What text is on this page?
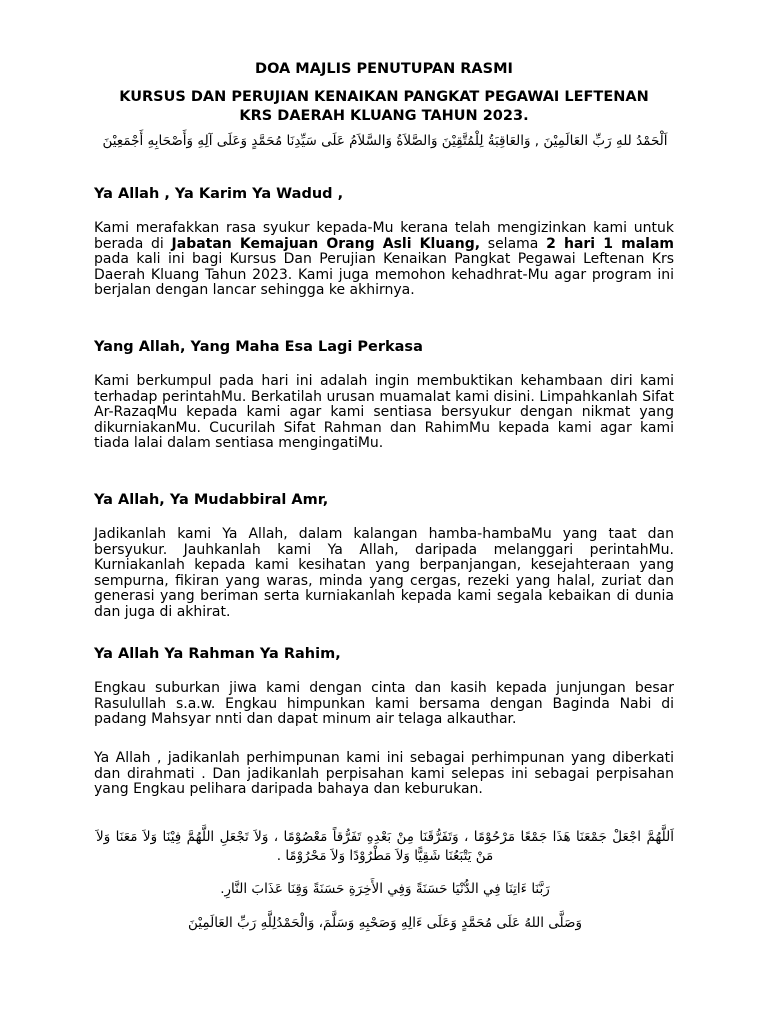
DOA MAJLIS PENUTUPAN RASMI

KURSUS DAN PERUJIAN KENAIKAN PANGKAT PEGAWAI LEFTENAN

KRS DAERAH KLUANG TAHUN 2023.

اَلْحَمْدُ للهِ رَبِّ العَالَمِيْنَ , وَالعَاقِبَةُ لِلْمُتَّقِيْنَ وَالصَّلاَةُ وَالسَّلاَمُ عَلَى سَيِّدِنَا مُحَمَّدٍ وَعَلَى آلِهِ وَأَصْحَابِهِ أَجْمَعِيْنَ

Ya Allah , Ya Karim Ya Wadud ,

Kami merafakkan rasa syukur kepada-Mu kerana telah mengizinkan kami untuk berada di Jabatan Kemajuan Orang Asli Kluang, selama 2 hari 1 malam pada kali ini bagi Kursus Dan Perujian Kenaikan Pangkat Pegawai Leftenan Krs Daerah Kluang Tahun 2023. Kami juga memohon kehadhrat-Mu agar program ini berjalan dengan lancar sehingga ke akhirnya.

Yang Allah, Yang Maha Esa Lagi Perkasa

Kami berkumpul pada hari ini adalah ingin membuktikan kehambaan diri kami terhadap perintahMu. Berkatilah urusan muamalat kami disini. Limpahkanlah Sifat Ar-RazaqMu kepada kami agar kami sentiasa bersyukur dengan nikmat yang dikurniakanMu. Cucurilah Sifat Rahman dan RahimMu kepada kami agar kami tiada lalai dalam sentiasa mengingatiMu.

Ya Allah, Ya Mudabbiral Amr,

Jadikanlah kami Ya Allah, dalam kalangan hamba-hambaMu yang taat dan bersyukur. Jauhkanlah kami Ya Allah, daripada melanggari perintahMu. Kurniakanlah kepada kami kesihatan yang berpanjangan, kesejahteraan yang sempurna, fikiran yang waras, minda yang cergas, rezeki yang halal, zuriat dan generasi yang beriman serta kurniakanlah kepada kami segala kebaikan di dunia dan juga di akhirat.

Ya Allah Ya Rahman Ya Rahim,

Engkau suburkan jiwa kami dengan cinta dan kasih kepada junjungan besar Rasulullah s.a.w. Engkau himpunkan kami bersama dengan Baginda Nabi di padang Mahsyar nnti dan dapat minum air telaga alkauthar.

Ya Allah , jadikanlah perhimpunan kami ini sebagai perhimpunan yang diberkati dan dirahmati . Dan jadikanlah perpisahan kami selepas ini sebagai perpisahan yang Engkau pelihara daripada bahaya dan keburukan.

اَللَّهُمَّ اجْعَلْ جَمْعَنَا هَذَا جَمْعًا مَرْحُوْمًا ، وَتَفَرُّقَنَا مِنْ بَعْدِهِ تَفَرُّقاً مَعْصُوْمًا ، وَلاَ تَجْعَلِ اللَّهُمَّ فِيْنَا وَلاَ مَعَنَا وَلاَ مَنْ يَتْبَعُنَا شَقِيًّا وَلاَ مَطْرُوْدًا وَلاَ مَحْرُوْمًا .

رَبَّنَا ءَاتِنَا فِي الدُّنْيَا حَسَنَةً وَفِي الأَخِرَةِ حَسَنَةً وَقِنَا عَذَابَ النَّارِ.

وَصَلَّى اللهُ عَلَى مُحَمَّدٍ وَعَلَى ءَالِهِ وَصَحْبِهِ وَسَلَّمَ، وَالْحَمْدُلِلَّهِ رَبِّ العَالَمِيْنَ
